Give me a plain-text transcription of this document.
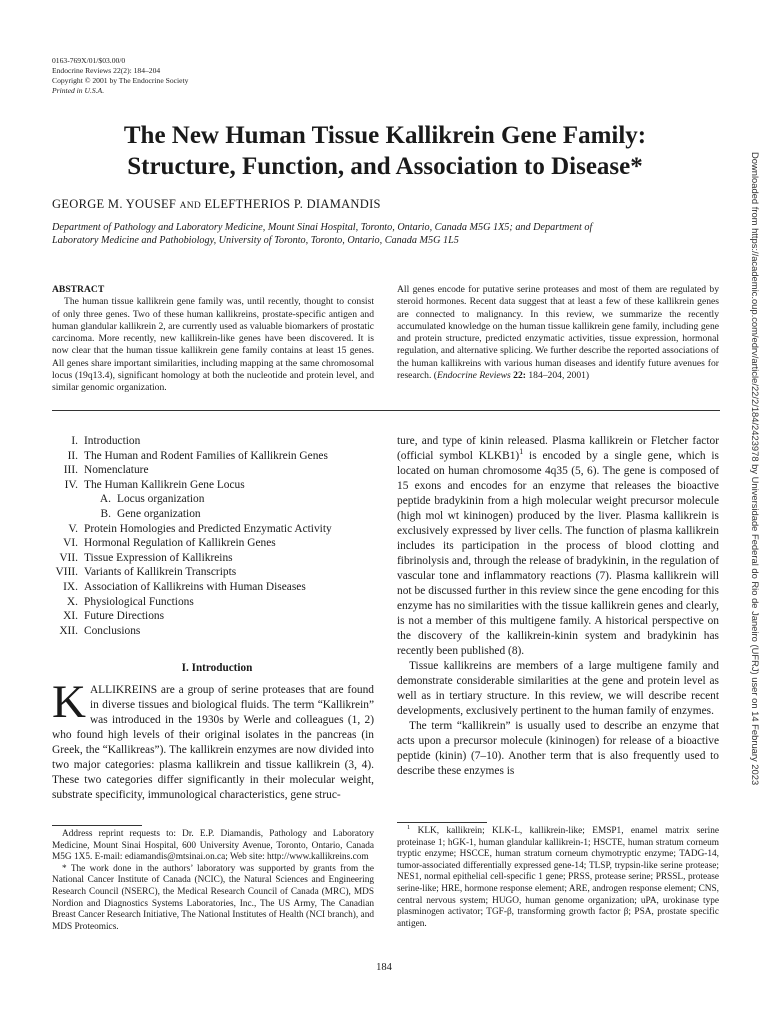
0163-769X/01/$03.00/0
Endocrine Reviews 22(2): 184–204
Copyright © 2001 by The Endocrine Society
Printed in U.S.A.
The New Human Tissue Kallikrein Gene Family:
Structure, Function, and Association to Disease*
GEORGE M. YOUSEF AND ELEFTHERIOS P. DIAMANDIS
Department of Pathology and Laboratory Medicine, Mount Sinai Hospital, Toronto, Ontario, Canada M5G 1X5; and Department of Laboratory Medicine and Pathobiology, University of Toronto, Toronto, Ontario, Canada M5G 1L5
ABSTRACT
The human tissue kallikrein gene family was, until recently, thought to consist of only three genes. Two of these human kallikreins, prostate-specific antigen and human glandular kallikrein 2, are currently used as valuable biomarkers of prostatic carcinoma. More recently, new kallikrein-like genes have been discovered. It is now clear that the human tissue kallikrein gene family contains at least 15 genes. All genes share important similarities, including mapping at the same chromosomal locus (19q13.4), significant homology at both the nucleotide and protein level, and similar genomic organization.
All genes encode for putative serine proteases and most of them are regulated by steroid hormones. Recent data suggest that at least a few of these kallikrein genes are connected to malignancy. In this review, we summarize the recently accumulated knowledge on the human tissue kallikrein gene family, including gene and protein structure, predicted enzymatic activities, tissue expression, hormonal regulation, and alternative splicing. We further describe the reported associations of the human kallikreins with various human diseases and identify future avenues for research. (Endocrine Reviews 22: 184–204, 2001)
I. Introduction
II. The Human and Rodent Families of Kallikrein Genes
III. Nomenclature
IV. The Human Kallikrein Gene Locus
A. Locus organization
B. Gene organization
V. Protein Homologies and Predicted Enzymatic Activity
VI. Hormonal Regulation of Kallikrein Genes
VII. Tissue Expression of Kallikreins
VIII. Variants of Kallikrein Transcripts
IX. Association of Kallikreins with Human Diseases
X. Physiological Functions
XI. Future Directions
XII. Conclusions
I. Introduction
KALLIKREINS are a group of serine proteases that are found in diverse tissues and biological fluids. The term “Kallikrein” was introduced in the 1930s by Werle and colleagues (1, 2) who found high levels of their original isolates in the pancreas (in Greek, the “Kallikreas”). The kallikrein enzymes are now divided into two major categories: plasma kallikrein and tissue kallikrein (3, 4). These two categories differ significantly in their molecular weight, substrate specificity, immunological characteristics, gene struc-

ture, and type of kinin released. Plasma kallikrein or Fletcher factor (official symbol KLKB1)$^1$ is encoded by a single gene, which is located on human chromosome 4q35 (5, 6). The gene is composed of 15 exons and encodes for an enzyme that releases the bioactive peptide bradykinin from a high molecular weight precursor molecule (high mol wt kininogen) produced by the liver. Plasma kallikrein is exclusively expressed by liver cells. The function of plasma kallikrein includes its participation in the process of blood clotting and fibrinolysis and, through the release of bradykinin, in the regulation of vascular tone and inflammatory reactions (7). Plasma kallikrein will not be discussed further in this review since the gene encoding for this enzyme has no similarities with the tissue kallikrein genes and clearly, is not a member of this multigene family. A historical perspective on the discovery of the kallikrein-kinin system and bradykinin has recently been published (8).

Tissue kallikreins are members of a large multigene family and demonstrate considerable similarities at the gene and protein level as well as in tertiary structure. In this review, we will describe recent developments, exclusively pertinent to the human family of enzymes.

The term “kallikrein” is usually used to describe an enzyme that acts upon a precursor molecule (kininogen) for release of a bioactive peptide (kinin) (7–10). Another term that is also frequently used to describe these enzymes is

Address reprint requests to: Dr. E.P. Diamandis, Pathology and Laboratory Medicine, Mount Sinai Hospital, 600 University Avenue, Toronto, Ontario, Canada M5G 1X5. E-mail: ediamandis@mtsinai.on.ca; Web site: http://www.kallikreins.com

* The work done in the authors’ laboratory was supported by grants from the National Cancer Institute of Canada (NCIC), the Natural Sciences and Engineering Research Council (NSERC), the Medical Research Council of Canada (MRC), MDS Nordion and Diagnostics Systems Laboratories, Inc., The US Army, The Canadian Breast Cancer Research Initiative, The National Institutes of Health (NCI branch), and MDS Proteomics.

$^1$ KLK, kallikrein; KLK-L, kallikrein-like; EMSP1, enamel matrix serine proteinase 1; hGK-1, human glandular kallikrein-1; HSCTE, human stratum corneum tryptic enzyme; HSCCE, human stratum corneum chymotryptic enzyme; TADG-14, tumor-associated differentially expressed gene-14; TLSP, trypsin-like serine protease; NES1, normal epithelial cell-specific 1 gene; PRSS, protease serine; PRSSL, protease serine-like; HRE, hormone response element; ARE, androgen response element; CNS, central nervous system; HUGO, human genome organization; uPA, urokinase type plasminogen activator; TGF-β, transforming growth factor β; PSA, prostate specific antigen.

184
Downloaded from https://academic.oup.com/edrv/article/22/2/184/2423978 by Universidade Federal do Rio de Janeiro (UFRJ) user on 14 February 2023
